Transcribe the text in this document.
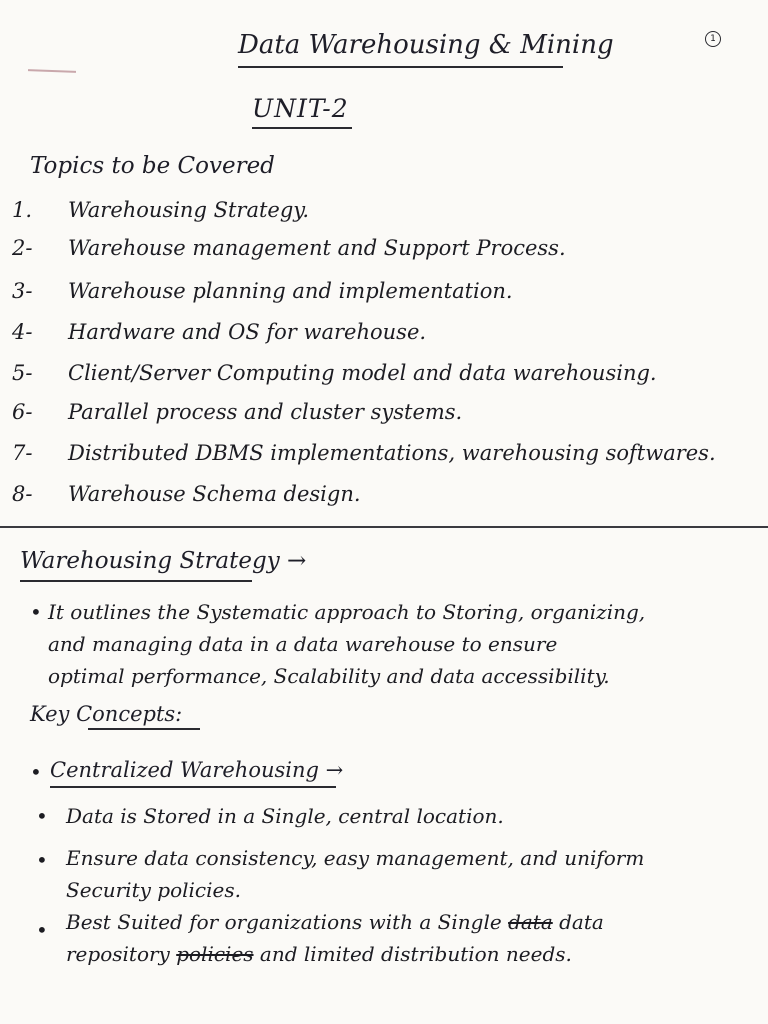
1
Data Warehousing & Mining
UNIT-2
Topics to be Covered
1. Warehousing Strategy.
2- Warehouse management and Support Process.
3- Warehouse planning and implementation.
4- Hardware and OS for warehouse.
5- Client/Server Computing model and data warehousing.
6- Parallel process and cluster systems.
7- Distributed DBMS implementations, warehousing softwares.
8- Warehouse Schema design.
Warehousing Strategy →
• It outlines the Systematic approach to Storing, organizing,
and managing data in a data warehouse to ensure
optimal performance, Scalability and data accessibility.
Key Concepts:
• Centralized Warehousing →
• Data is Stored in a Single, central location.
• Ensure data consistency, easy management, and uniform
Security policies.
• Best Suited for organizations with a Single data data
repository policies and limited distribution needs.
